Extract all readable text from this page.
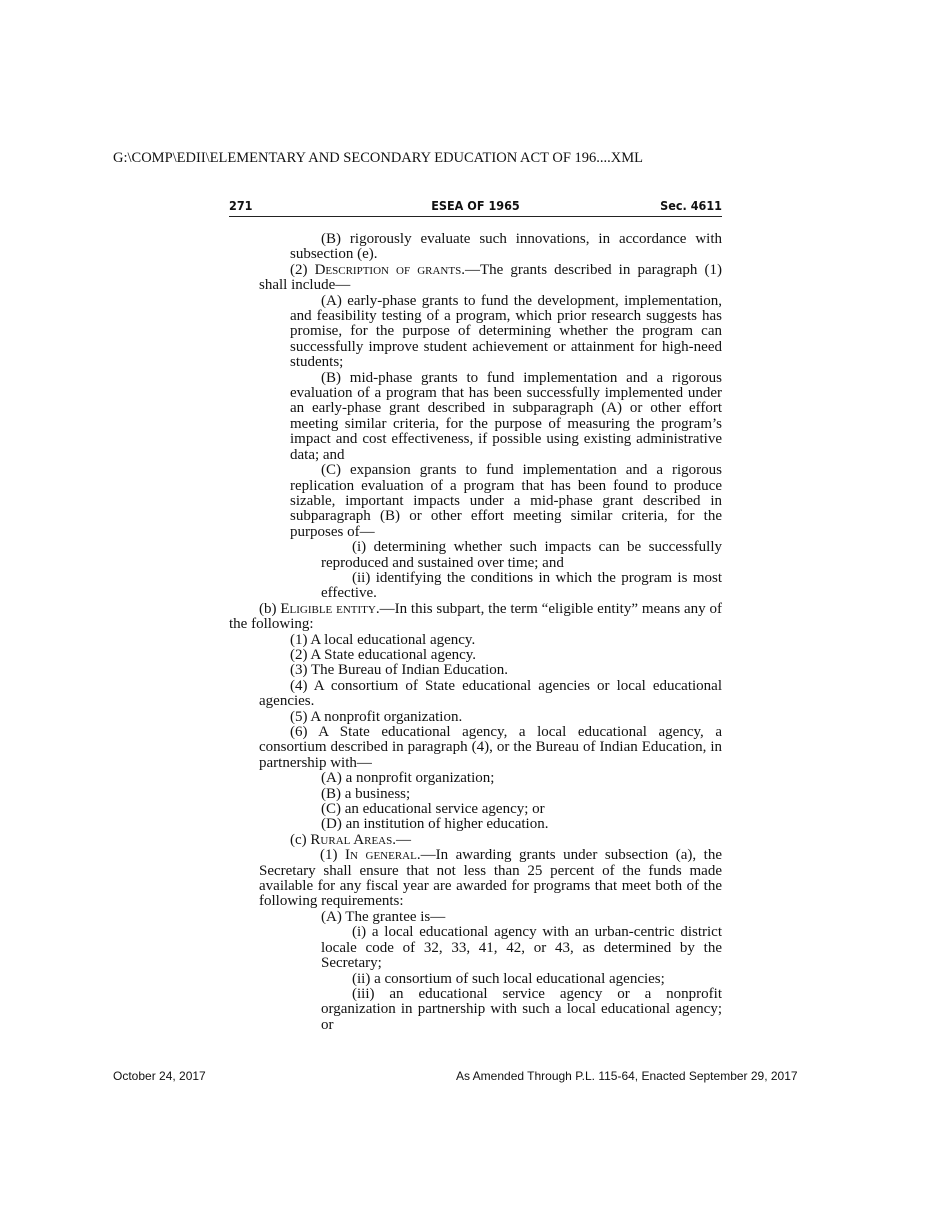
G:\COMP\EDII\ELEMENTARY AND SECONDARY EDUCATION ACT OF 196....XML
271	ESEA OF 1965	Sec. 4611

(B) rigorously evaluate such innovations, in accordance with subsection (e).

(2) Description of grants.—The grants described in paragraph (1) shall include—

(A) early-phase grants to fund the development, implementation, and feasibility testing of a program, which prior research suggests has promise, for the purpose of determining whether the program can successfully improve student achievement or attainment for high-need students;

(B) mid-phase grants to fund implementation and a rigorous evaluation of a program that has been successfully implemented under an early-phase grant described in subparagraph (A) or other effort meeting similar criteria, for the purpose of measuring the program’s impact and cost effectiveness, if possible using existing administrative data; and

(C) expansion grants to fund implementation and a rigorous replication evaluation of a program that has been found to produce sizable, important impacts under a mid-phase grant described in subparagraph (B) or other effort meeting similar criteria, for the purposes of—

(i) determining whether such impacts can be successfully reproduced and sustained over time; and

(ii) identifying the conditions in which the program is most effective.

(b) Eligible entity.—In this subpart, the term “eligible entity” means any of the following:

(1) A local educational agency.

(2) A State educational agency.

(3) The Bureau of Indian Education.

(4) A consortium of State educational agencies or local educational agencies.

(5) A nonprofit organization.

(6) A State educational agency, a local educational agency, a consortium described in paragraph (4), or the Bureau of Indian Education, in partnership with—

(A) a nonprofit organization;

(B) a business;

(C) an educational service agency; or

(D) an institution of higher education.

(c) Rural Areas.—

(1) In general.—In awarding grants under subsection (a), the Secretary shall ensure that not less than 25 percent of the funds made available for any fiscal year are awarded for programs that meet both of the following requirements:

(A) The grantee is—

(i) a local educational agency with an urban-centric district locale code of 32, 33, 41, 42, or 43, as determined by the Secretary;

(ii) a consortium of such local educational agencies;

(iii) an educational service agency or a nonprofit organization in partnership with such a local educational agency; or

October 24, 2017	As Amended Through P.L. 115-64, Enacted September 29, 2017
